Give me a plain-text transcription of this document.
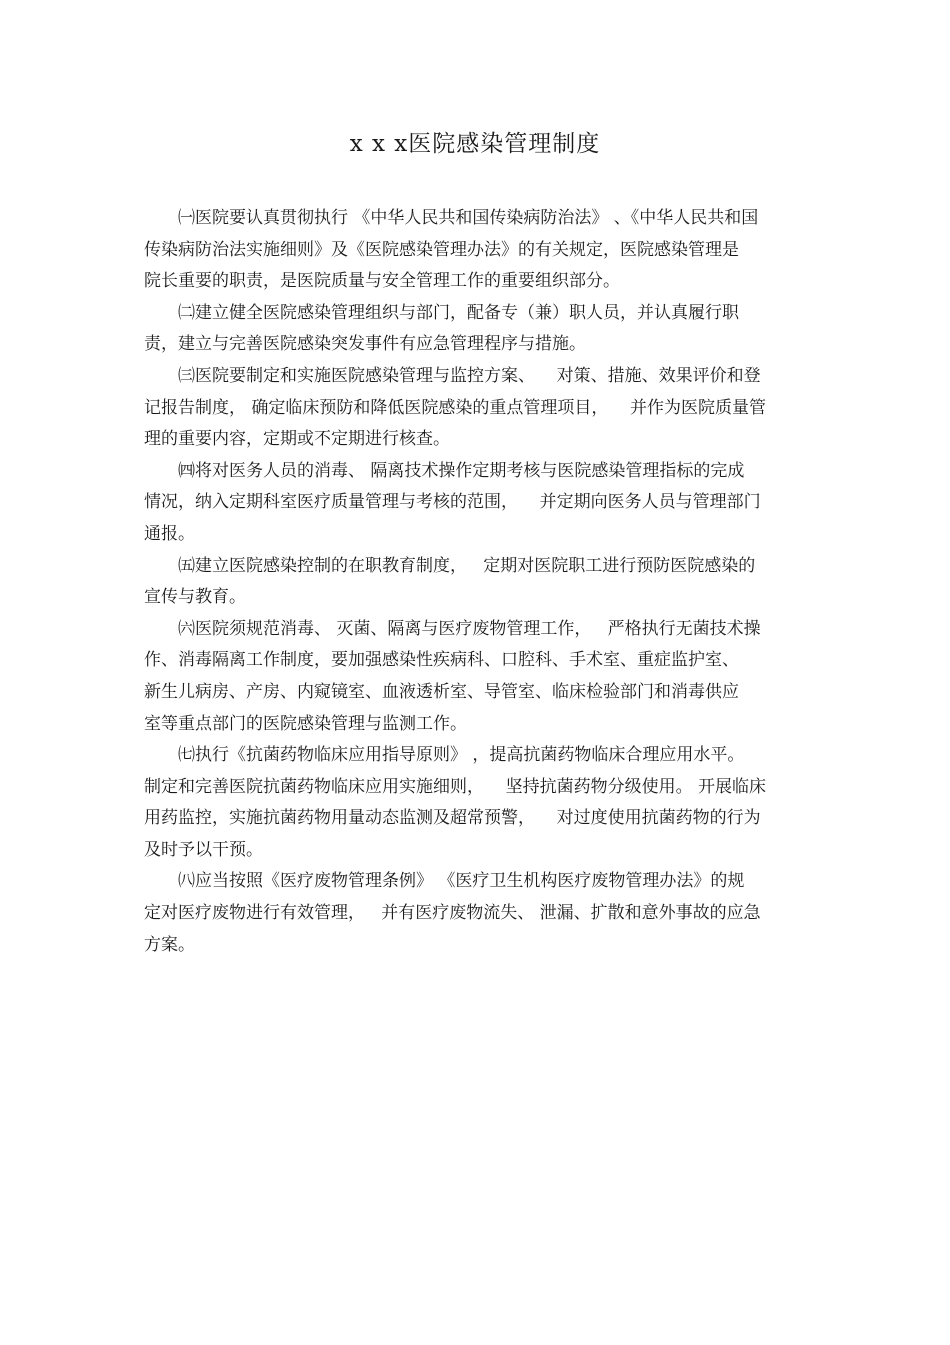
x x x医院感染管理制度

㈠医院要认真贯彻执行 《中华人民共和国传染病防治法》 、《中华人民共和国
传染病防治法实施细则》及《医院感染管理办法》的有关规定，医院感染管理是
院长重要的职责，是医院质量与安全管理工作的重要组织部分。

㈡建立健全医院感染管理组织与部门，配备专（兼）职人员，并认真履行职
责，建立与完善医院感染突发事件有应急管理程序与措施。

㈢医院要制定和实施医院感染管理与监控方案、    对策、措施、效果评价和登
记报告制度， 确定临床预防和降低医院感染的重点管理项目，    并作为医院质量管
理的重要内容，定期或不定期进行核查。

㈣将对医务人员的消毒、 隔离技术操作定期考核与医院感染管理指标的完成
情况，纳入定期科室医疗质量管理与考核的范围，    并定期向医务人员与管理部门
通报。

㈤建立医院感染控制的在职教育制度，   定期对医院职工进行预防医院感染的
宣传与教育。

㈥医院须规范消毒、 灭菌、隔离与医疗废物管理工作，   严格执行无菌技术操
作、消毒隔离工作制度，要加强感染性疾病科、口腔科、手术室、重症监护室、
新生儿病房、产房、内窥镜室、血液透析室、导管室、临床检验部门和消毒供应
室等重点部门的医院感染管理与监测工作。

㈦执行《抗菌药物临床应用指导原则》 ，提高抗菌药物临床合理应用水平。
制定和完善医院抗菌药物临床应用实施细则，    坚持抗菌药物分级使用。 开展临床
用药监控，实施抗菌药物用量动态监测及超常预警，    对过度使用抗菌药物的行为
及时予以干预。

㈧应当按照《医疗废物管理条例》 《医疗卫生机构医疗废物管理办法》的规
定对医疗废物进行有效管理，   并有医疗废物流失、 泄漏、扩散和意外事故的应急
方案。
